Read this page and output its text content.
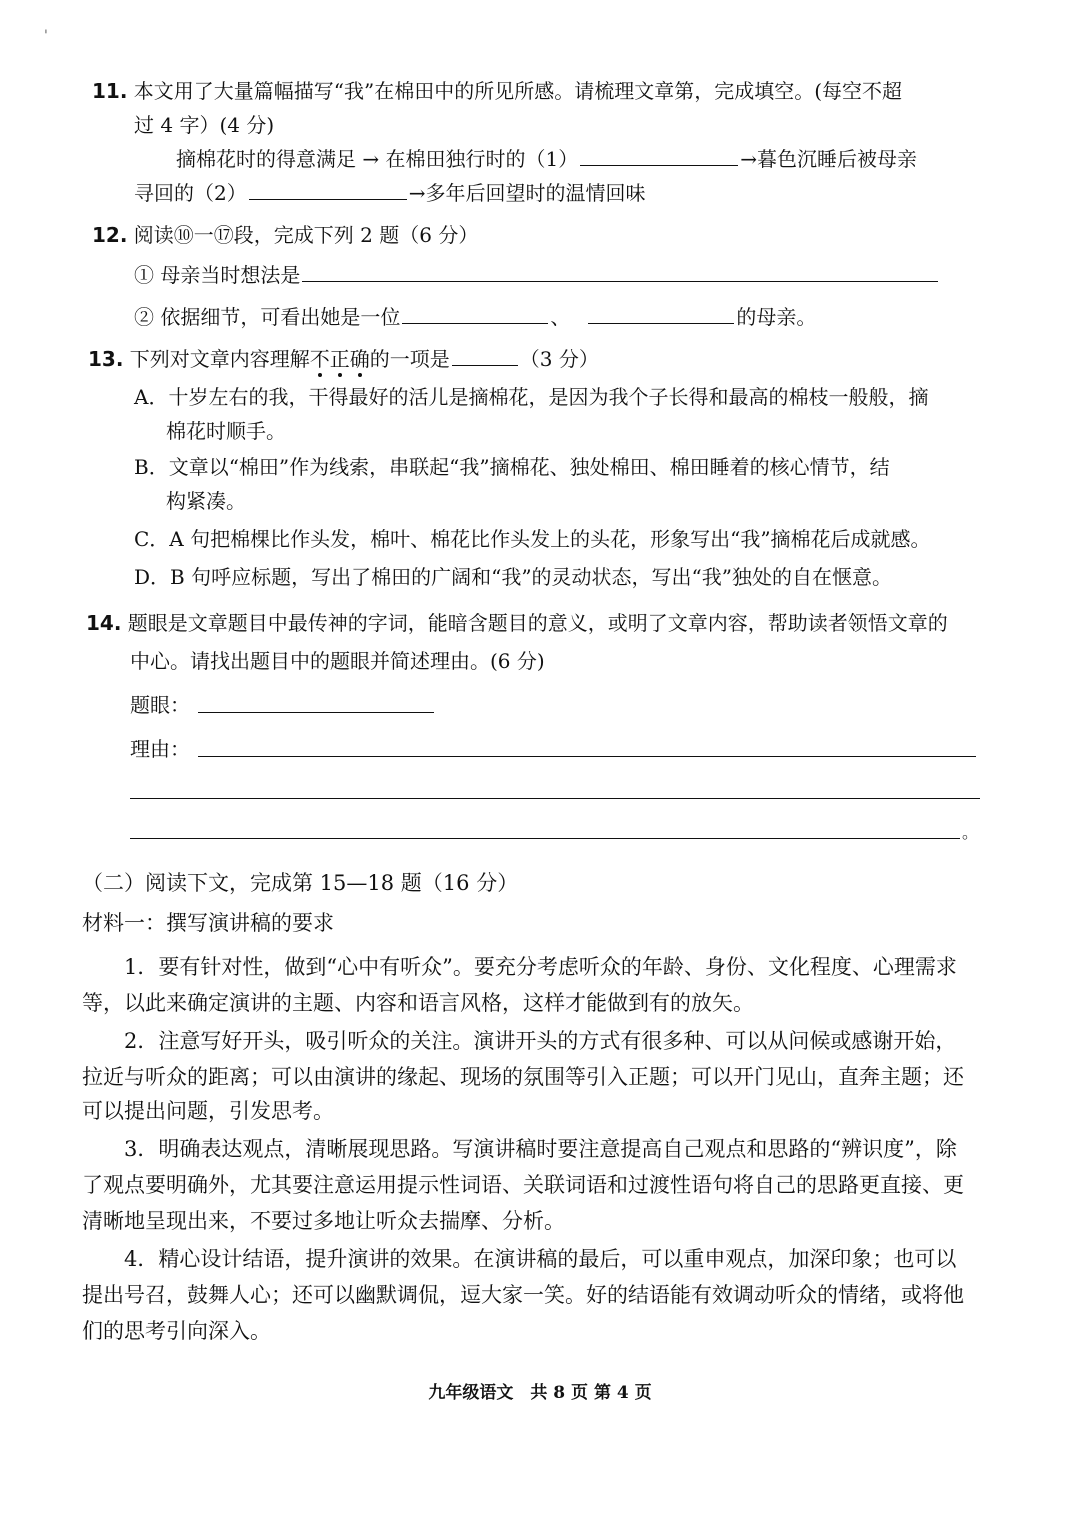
'
11. 本文用了大量篇幅描写“我”在棉田中的所见所感。请梳理文章第，完成填空。(每空不超
过 4 字）(4 分)
摘棉花时的得意满足 → 在棉田独行时的（1）	→暮色沉睡后被母亲
寻回的（2）	→多年后回望时的温情回味
12. 阅读⑩一⑰段，完成下列 2 题（6 分）
① 母亲当时想法是
② 依据细节，可看出她是一位	、	的母亲。
13. 下列对文章内容理解不正确的一项是	（3 分）
A．十岁左右的我，干得最好的活儿是摘棉花，是因为我个子长得和最高的棉枝一般般，摘
棉花时顺手。
B．文章以“棉田”作为线索，串联起“我”摘棉花、独处棉田、棉田睡着的核心情节，结
构紧凑。
C．A 句把棉棵比作头发，棉叶、棉花比作头发上的头花，形象写出“我”摘棉花后成就感。
D．B 句呼应标题，写出了棉田的广阔和“我”的灵动状态，写出“我”独处的自在惬意。
14. 题眼是文章题目中最传神的字词，能暗含题目的意义，或明了文章内容，帮助读者领悟文章的
中心。请找出题目中的题眼并简述理由。(6 分)
题眼：
理由：
。
（二）阅读下文，完成第 15—18 题（16 分）
材料一：撰写演讲稿的要求
1．要有针对性，做到“心中有听众”。要充分考虑听众的年龄、身份、文化程度、心理需求
等，以此来确定演讲的主题、内容和语言风格，这样才能做到有的放矢。
2．注意写好开头，吸引听众的关注。演讲开头的方式有很多种、可以从问候或感谢开始，
拉近与听众的距离；可以由演讲的缘起、现场的氛围等引入正题；可以开门见山，直奔主题；还
可以提出问题，引发思考。
3．明确表达观点，清晰展现思路。写演讲稿时要注意提高自己观点和思路的“辨识度”，除
了观点要明确外，尤其要注意运用提示性词语、关联词语和过渡性语句将自己的思路更直接、更
清晰地呈现出来，不要过多地让听众去揣摩、分析。
4．精心设计结语，提升演讲的效果。在演讲稿的最后，可以重申观点，加深印象；也可以
提出号召，鼓舞人心；还可以幽默调侃，逗大家一笑。好的结语能有效调动听众的情绪，或将他
们的思考引向深入。
九年级语文　共 8 页 第 4 页
